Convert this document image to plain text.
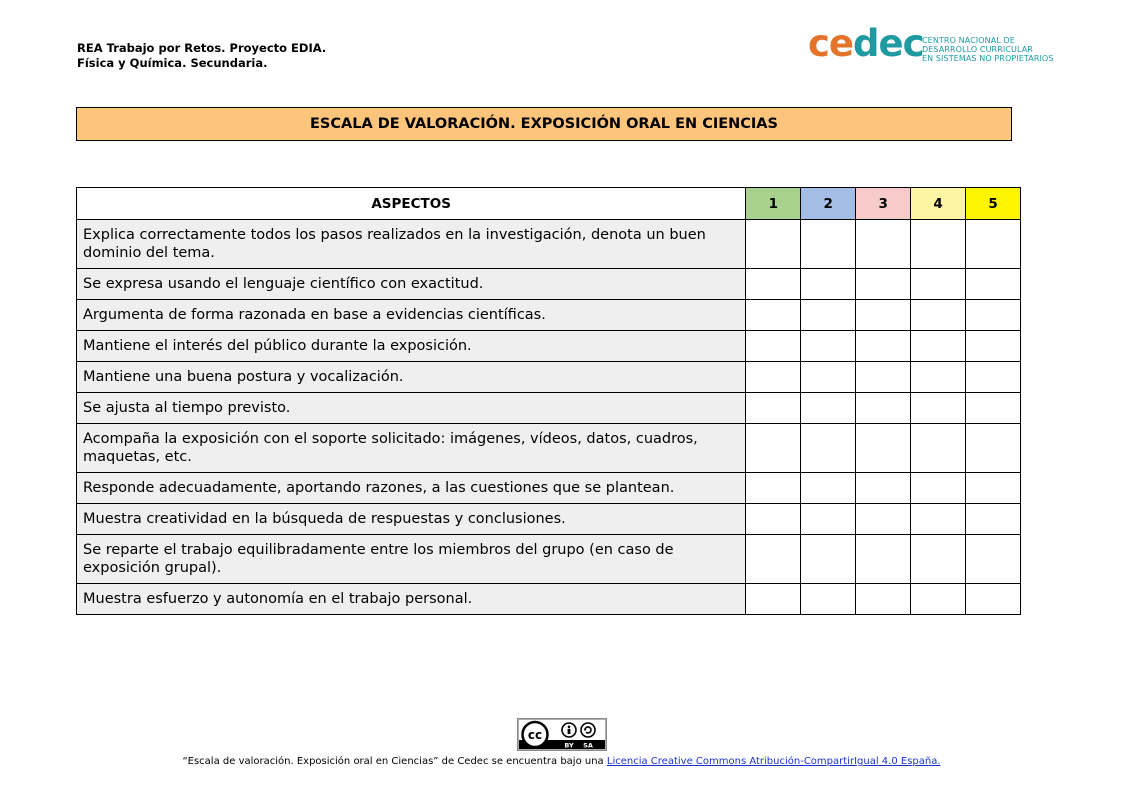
REA Trabajo por Retos. Proyecto EDIA.
Física y Química. Secundaria.	cedec
CENTRO NACIONAL DE
DESARROLLO CURRICULAR
EN SISTEMAS NO PROPIETARIOS
ESCALA DE VALORACIÓN. EXPOSICIÓN ORAL EN CIENCIAS
ASPECTOS	1	2	3	4	5
Explica correctamente todos los pasos realizados en la investigación, denota un buen dominio del tema.					
Se expresa usando el lenguaje científico con exactitud.					
Argumenta de forma razonada en base a evidencias científicas.					
Mantiene el interés del público durante la exposición.					
Mantiene una buena postura y vocalización.					
Se ajusta al tiempo previsto.					
Acompaña la exposición con el soporte solicitado: imágenes, vídeos, datos, cuadros, maquetas, etc.					
Responde adecuadamente, aportando razones, a las cuestiones que se plantean.					
Muestra creatividad en la búsqueda de respuestas y conclusiones.					
Se reparte el trabajo equilibradamente entre los miembros del grupo (en caso de exposición grupal).					
Muestra esfuerzo y autonomía en el trabajo personal.					
cc
BY SA
“Escala de valoración. Exposición oral en Ciencias” de Cedec se encuentra bajo una Licencia Creative Commons Atribución-CompartirIgual 4.0 España.
